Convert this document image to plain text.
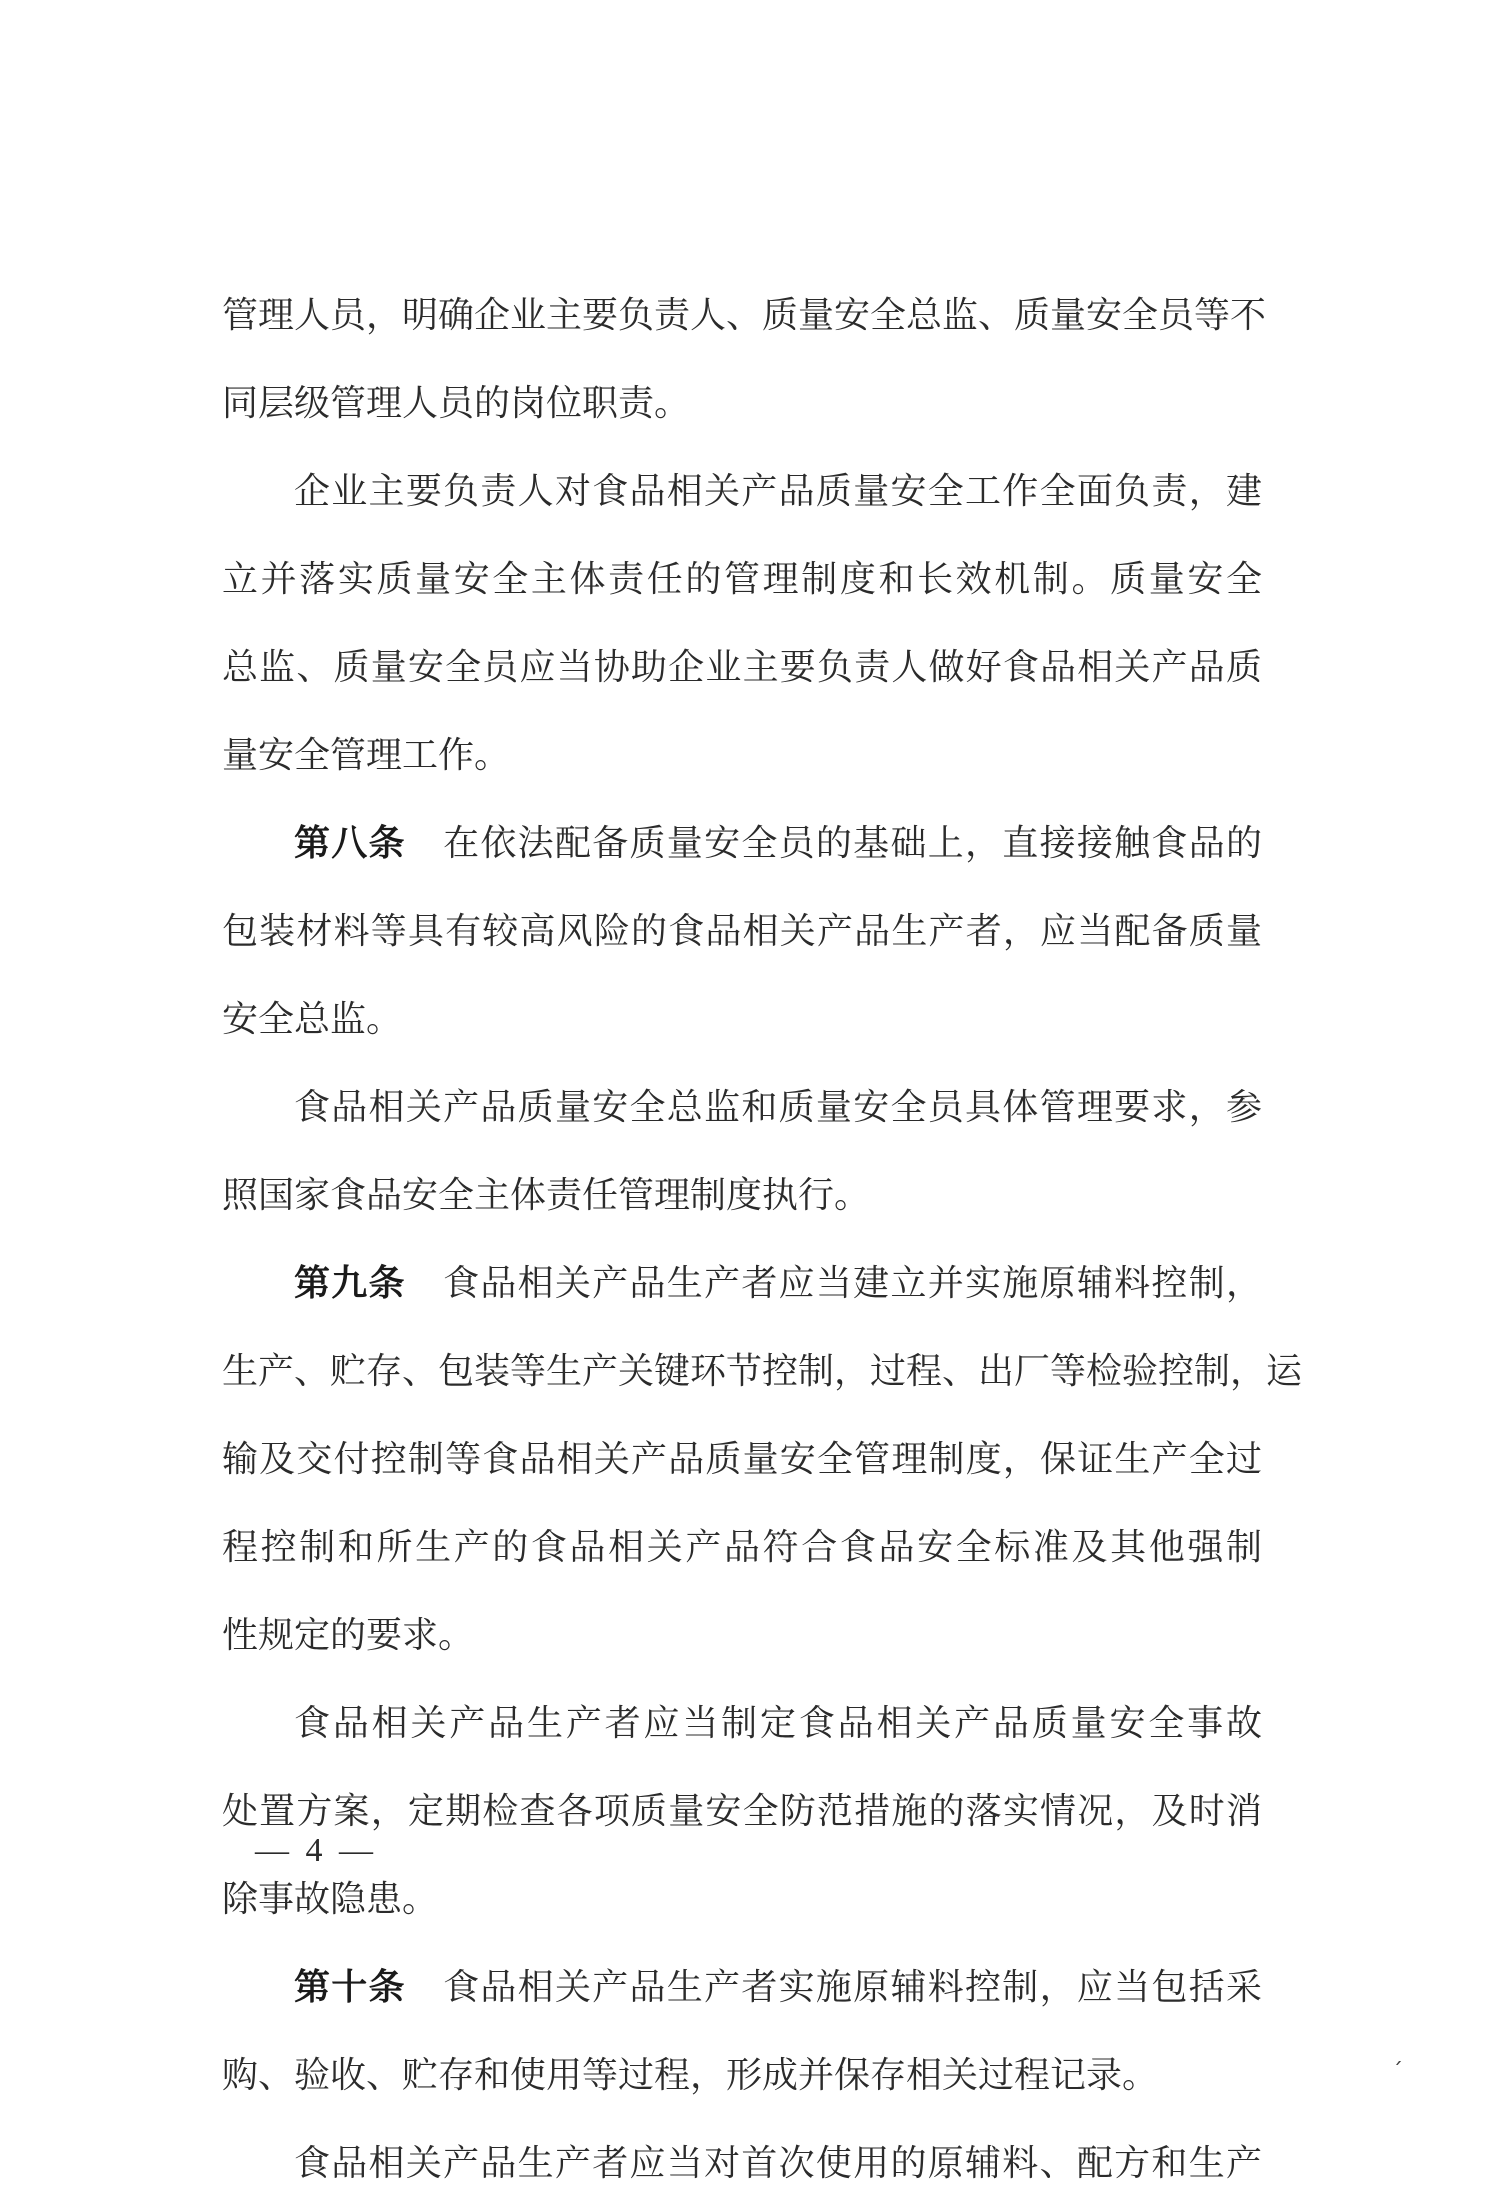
管理人员，明确企业主要负责人、质量安全总监、质量安全员等不
同层级管理人员的岗位职责。
企业主要负责人对食品相关产品质量安全工作全面负责，建
立并落实质量安全主体责任的管理制度和长效机制。质量安全
总监、质量安全员应当协助企业主要负责人做好食品相关产品质
量安全管理工作。
第八条　 在依法配备质量安全员的基础上，直接接触食品的
包装材料等具有较高风险的食品相关产品生产者，应当配备质量
安全总监。
食品相关产品质量安全总监和质量安全员具体管理要求，参
照国家食品安全主体责任管理制度执行。
第九条　 食品相关产品生产者应当建立并实施原辅料控制，
生产、贮存、包装等生产关键环节控制，过程、出厂等检验控制，运
输及交付控制等食品相关产品质量安全管理制度，保证生产全过
程控制和所生产的食品相关产品符合食品安全标准及其他强制
性规定的要求。
食品相关产品生产者应当制定食品相关产品质量安全事故
处置方案，定期检查各项质量安全防范措施的落实情况，及时消
除事故隐患。
第十条　 食品相关产品生产者实施原辅料控制，应当包括采
购、验收、贮存和使用等过程，形成并保存相关过程记录。
食品相关产品生产者应当对首次使用的原辅料、配方和生产
— 4 —
ˊ
